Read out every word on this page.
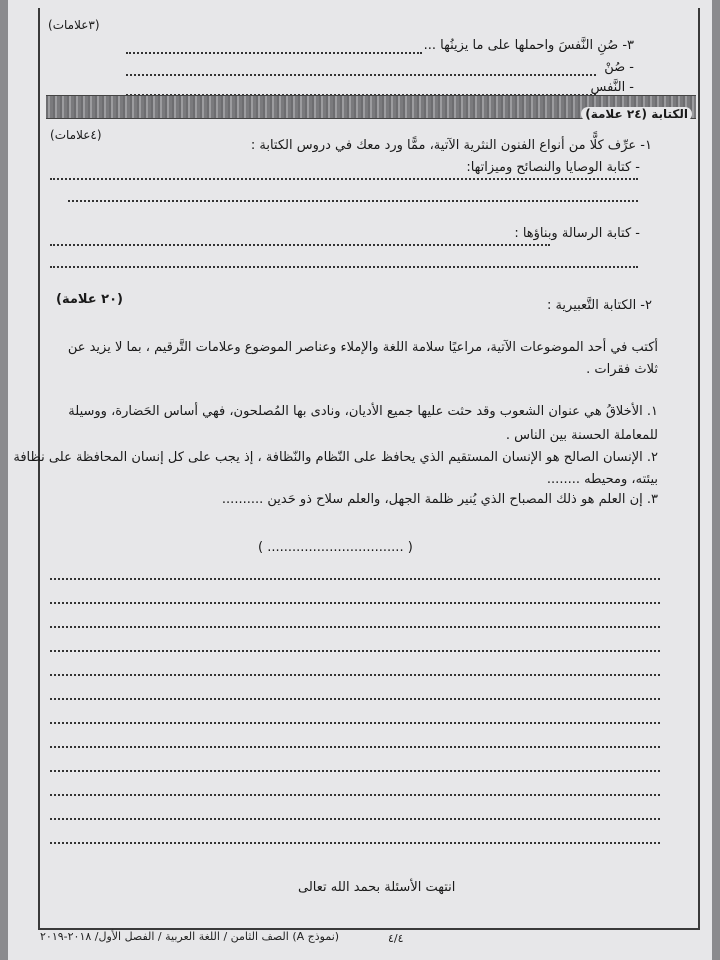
(٣علامات)
٣- صُنِ النَّفسَ واحملها على ما يزينُها ...
- صُنْ
- النَّفس
الكتابة (٢٤ علامة)
(٤علامات)
١- عرِّف كلًّا من أنواع الفنون النثرية الآتية، ممًّا ورد معك في دروس الكتابة :
- كتابة الوصايا والنصائح وميزاتها:
- كتابة الرسالة وبناؤها :
(٢٠ علامة)	٢- الكتابة التَّعبيرية :
أكتب في أحد الموضوعات الآتية، مراعيًا سلامة اللغة والإملاء وعناصر الموضوع وعلامات التَّرقيم ، بما لا يزيد عن
ثلاث فقرات .
١. الأخلاقُ هي عنوان الشعوب وقد حثت عليها جميع الأديان، ونادى بها المُصلحون، فهي أساس الحَضارة، ووسيلة
للمعاملة الحسنة بين الناس .
٢. الإنسان الصالح هو الإنسان المستقيم الذي يحافظ على النّظام والنّظافة ، إذ يجب على كل إنسان المحافظة على نظافة
بيئته، ومحيطه ........
٣. إن العلم هو ذلك المصباح الذي يُنير ظلمة الجهل، والعلم سلاح ذو حَدين ..........
( ................................. )
انتهت الأسئلة بحمد الله تعالى
(نموذج A) الصف الثامن / اللغة العربية / الفصل الأول/ ٢٠١٨-٢٠١٩	٤/٤
